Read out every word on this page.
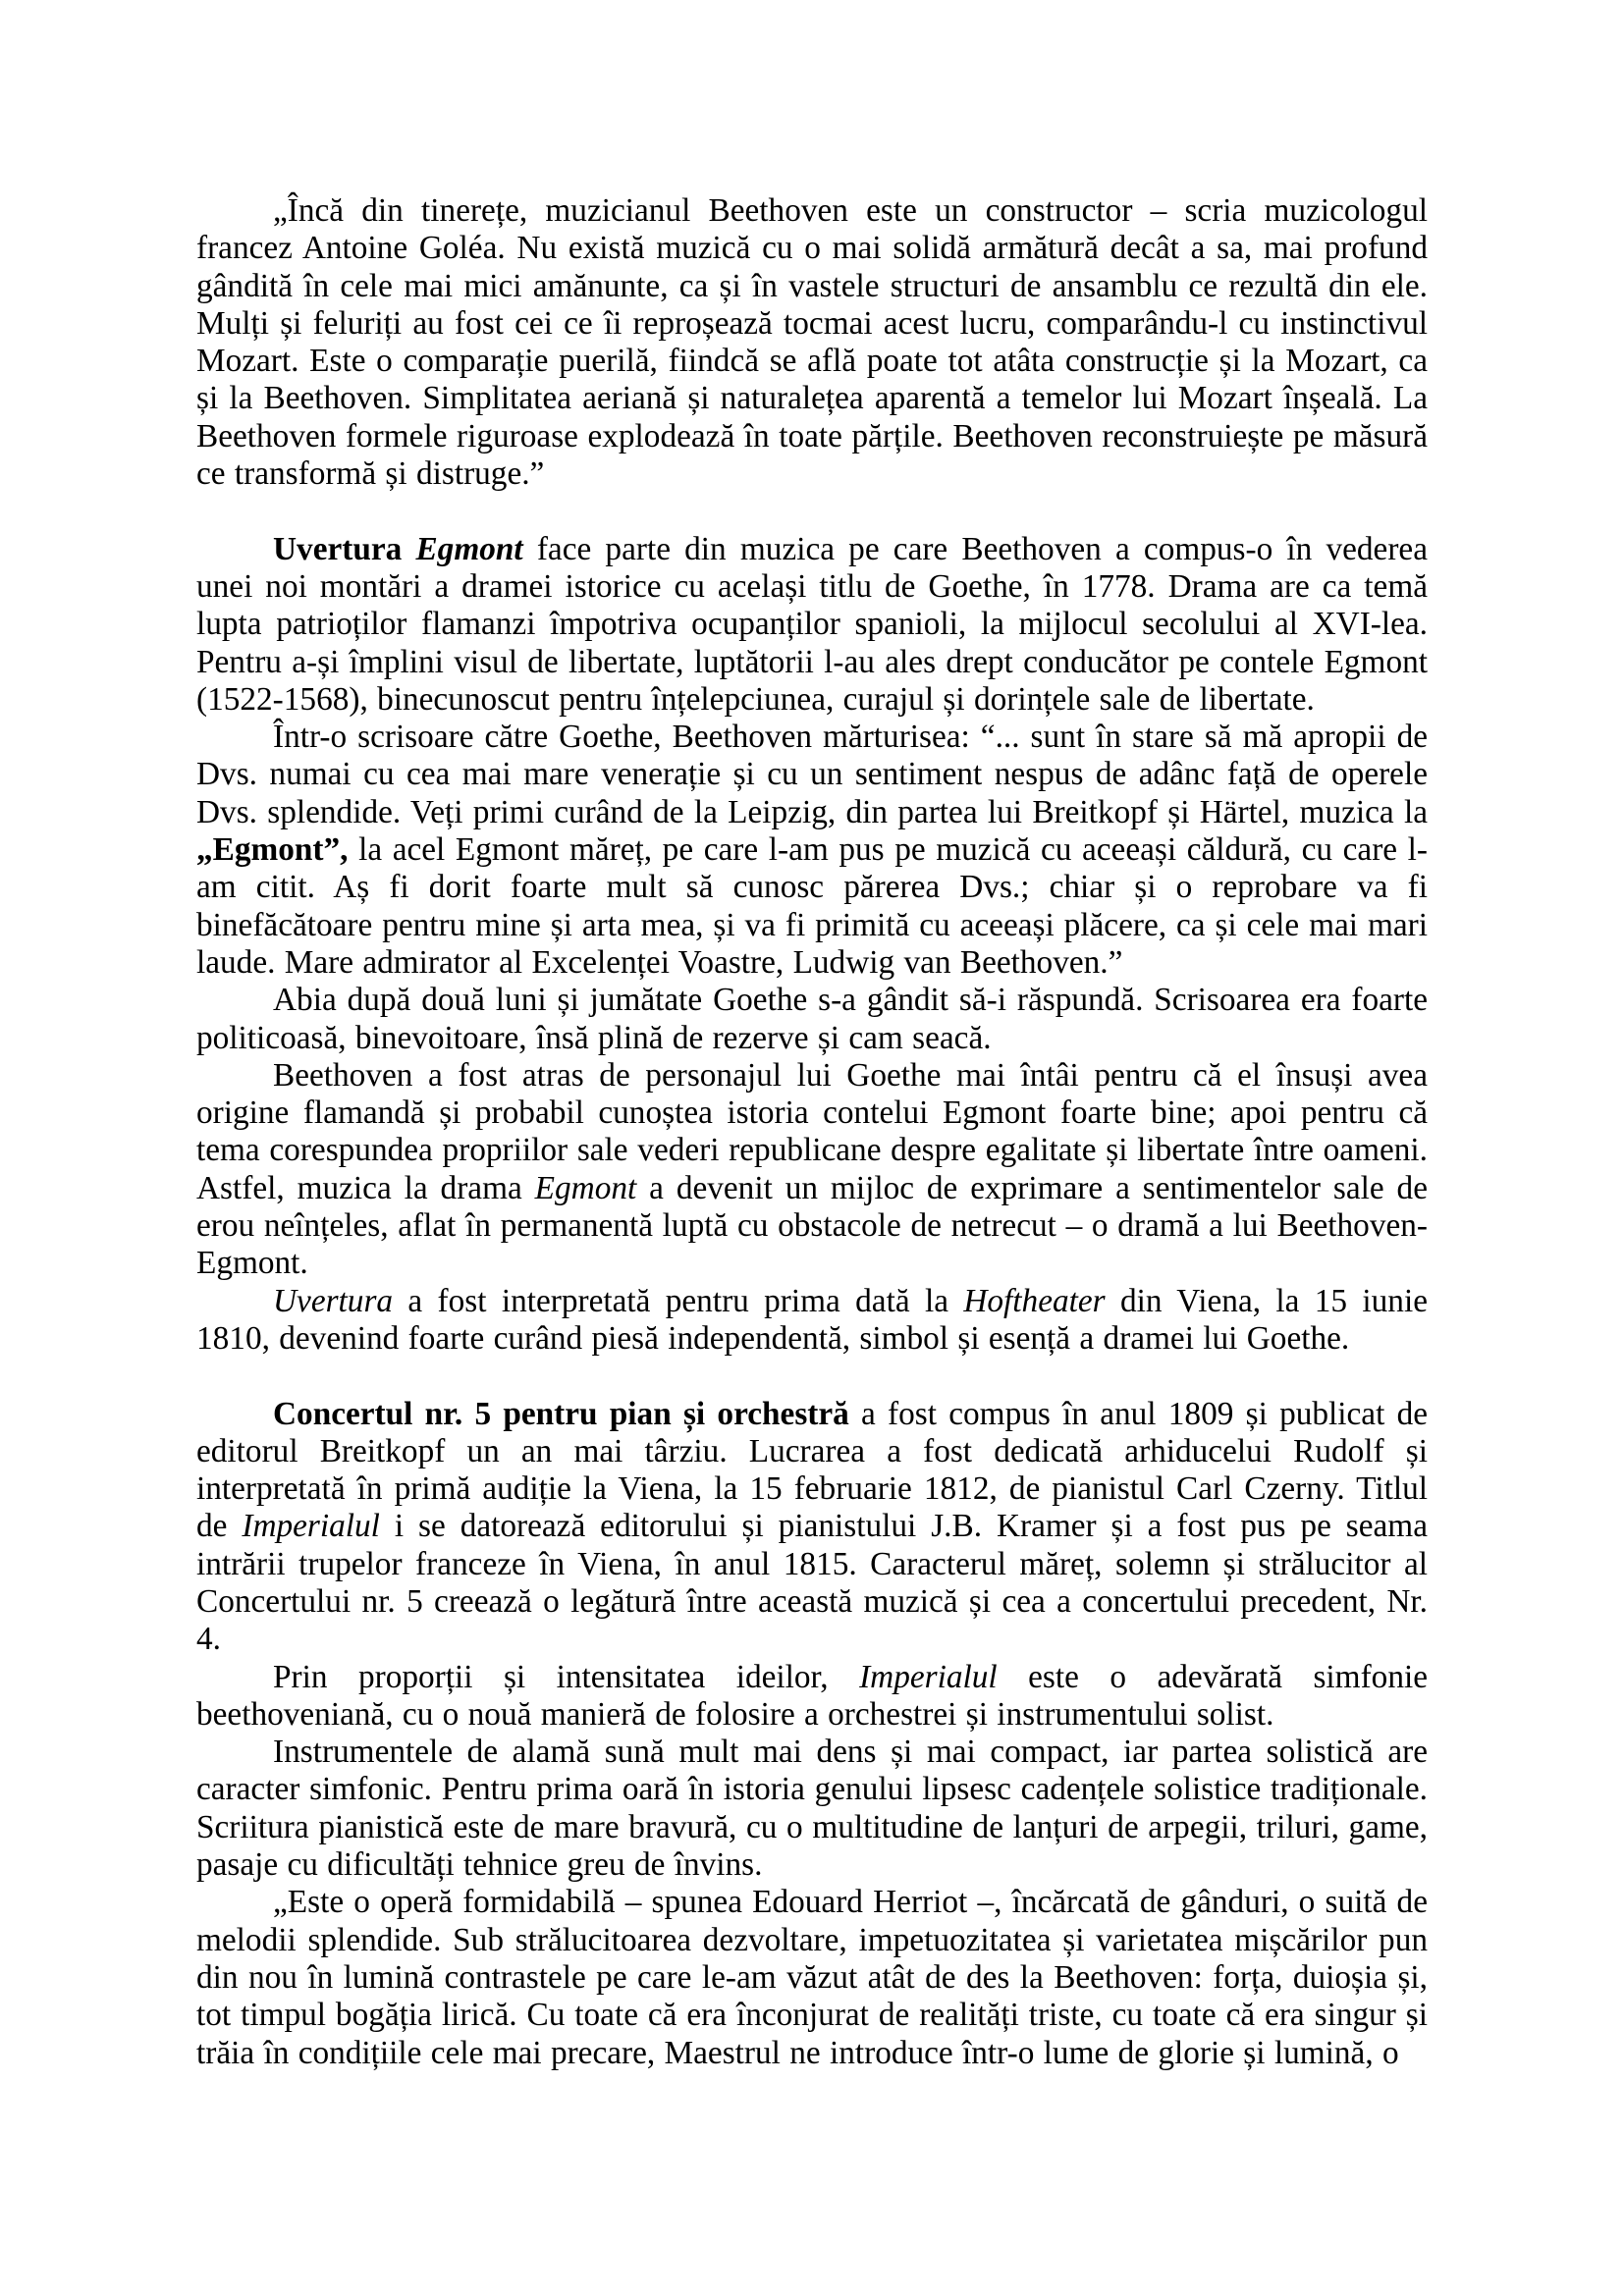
„Încă din tinerețe, muzicianul Beethoven este un constructor – scria muzicologul francez Antoine Goléa. Nu există muzică cu o mai solidă armătură decât a sa, mai profund gândită în cele mai mici amănunte, ca și în vastele structuri de ansamblu ce rezultă din ele. Mulți și feluriți au fost cei ce îi reproșează tocmai acest lucru, comparându-l cu instinctivul Mozart. Este o comparație puerilă, fiindcă se află poate tot atâta construcție și la Mozart, ca și la Beethoven. Simplitatea aeriană și naturalețea aparentă a temelor lui Mozart înșeală. La Beethoven formele riguroase explodează în toate părțile. Beethoven reconstruiește pe măsură ce transformă și distruge.”

Uvertura Egmont face parte din muzica pe care Beethoven a compus-o în vederea unei noi montări a dramei istorice cu același titlu de Goethe, în 1778. Drama are ca temă lupta patrioților flamanzi împotriva ocupanților spanioli, la mijlocul secolului al XVI-lea. Pentru a-și împlini visul de libertate, luptătorii l-au ales drept conducător pe contele Egmont (1522-1568), binecunoscut pentru înțelepciunea, curajul și dorințele sale de libertate.

Într-o scrisoare către Goethe, Beethoven mărturisea: “... sunt în stare să mă apropii de Dvs. numai cu cea mai mare venerație și cu un sentiment nespus de adânc față de operele Dvs. splendide. Veți primi curând de la Leipzig, din partea lui Breitkopf și Härtel, muzica la „Egmont”, la acel Egmont măreț, pe care l-am pus pe muzică cu aceeași căldură, cu care l-am citit. Aș fi dorit foarte mult să cunosc părerea Dvs.; chiar și o reprobare va fi binefăcătoare pentru mine și arta mea, și va fi primită cu aceeași plăcere, ca și cele mai mari laude. Mare admirator al Excelenței Voastre, Ludwig van Beethoven.”

Abia după două luni și jumătate Goethe s-a gândit să-i răspundă. Scrisoarea era foarte politicoasă, binevoitoare, însă plină de rezerve și cam seacă.

Beethoven a fost atras de personajul lui Goethe mai întâi pentru că el însuși avea origine flamandă și probabil cunoștea istoria contelui Egmont foarte bine; apoi pentru că tema corespundea propriilor sale vederi republicane despre egalitate și libertate între oameni. Astfel, muzica la drama Egmont a devenit un mijloc de exprimare a sentimentelor sale de erou neînțeles, aflat în permanentă luptă cu obstacole de netrecut – o dramă a lui Beethoven-Egmont.

Uvertura a fost interpretată pentru prima dată la Hoftheater din Viena, la 15 iunie 1810, devenind foarte curând piesă independentă, simbol și esență a dramei lui Goethe.

Concertul nr. 5 pentru pian și orchestră a fost compus în anul 1809 și publicat de editorul Breitkopf un an mai târziu. Lucrarea a fost dedicată arhiducelui Rudolf și interpretată în primă audiție la Viena, la 15 februarie 1812, de pianistul Carl Czerny. Titlul de Imperialul i se datorează editorului și pianistului J.B. Kramer și a fost pus pe seama intrării trupelor franceze în Viena, în anul 1815. Caracterul măreț, solemn și strălucitor al Concertului nr. 5 creează o legătură între această muzică și cea a concertului precedent, Nr. 4.

Prin proporții și intensitatea ideilor, Imperialul este o adevărată simfonie beethoveniană, cu o nouă manieră de folosire a orchestrei și instrumentului solist.

Instrumentele de alamă sună mult mai dens și mai compact, iar partea solistică are caracter simfonic. Pentru prima oară în istoria genului lipsesc cadențele solistice tradiționale. Scriitura pianistică este de mare bravură, cu o multitudine de lanțuri de arpegii, triluri, game, pasaje cu dificultăți tehnice greu de învins.

„Este o operă formidabilă – spunea Edouard Herriot –, încărcată de gânduri, o suită de melodii splendide. Sub strălucitoarea dezvoltare, impetuozitatea și varietatea mișcărilor pun din nou în lumină contrastele pe care le-am văzut atât de des la Beethoven: forța, duioșia și, tot timpul bogăția lirică. Cu toate că era înconjurat de realități triste, cu toate că era singur și trăia în condițiile cele mai precare, Maestrul ne introduce într-o lume de glorie și lumină, o
